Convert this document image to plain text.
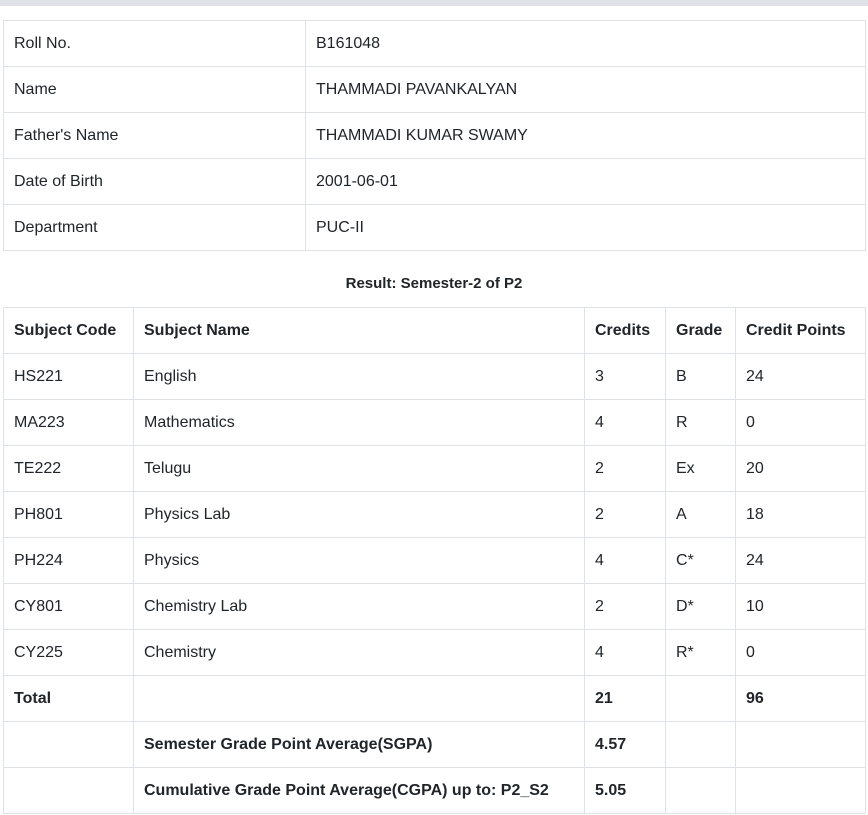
Roll No.	B161048
Name	THAMMADI PAVANKALYAN
Father's Name	THAMMADI KUMAR SWAMY
Date of Birth	2001-06-01
Department	PUC-II
Result: Semester-2 of P2
Subject Code	Subject Name	Credits	Grade	Credit Points
HS221	English	3	B	24
MA223	Mathematics	4	R	0
TE222	Telugu	2	Ex	20
PH801	Physics Lab	2	A	18
PH224	Physics	4	C*	24
CY801	Chemistry Lab	2	D*	10
CY225	Chemistry	4	R*	0
Total		21		96
	Semester Grade Point Average(SGPA)	4.57		
	Cumulative Grade Point Average(CGPA) up to: P2_S2	5.05		
